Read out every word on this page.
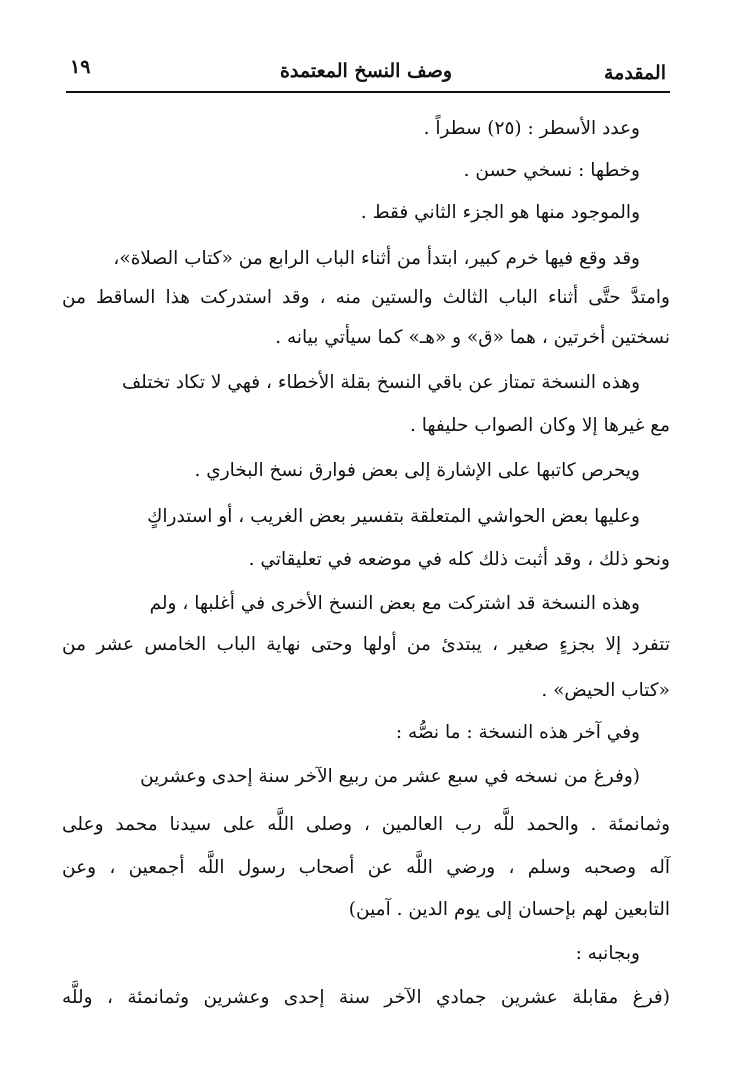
المقدمة
وصف النسخ المعتمدة
١٩
وعدد الأسطر : (٢٥) سطراً .
وخطها : نسخي حسن .
والموجود منها هو الجزء الثاني فقط .
وقد وقع فيها خرم كبير، ابتدأ من أثناء الباب الرابع من «كتاب الصلاة»،
وامتدَّ حتَّى أثناء الباب الثالث والستين منه ، وقد استدركت هذا الساقط من
نسختين أخرتين ، هما «ق» و «هـ» كما سيأتي بيانه .
وهذه النسخة تمتاز عن باقي النسخ بقلة الأخطاء ، فهي لا تكاد تختلف
مع غيرها إلا وكان الصواب حليفها .
ويحرص كاتبها على الإشارة إلى بعض فوارق نسخ البخاري .
وعليها بعض الحواشي المتعلقة بتفسير بعض الغريب ، أو استدراكٍ
ونحو ذلك ، وقد أثبت ذلك كله في موضعه في تعليقاتي .
وهذه النسخة قد اشتركت مع بعض النسخ الأخرى في أغلبها ، ولم
تتفرد إلا بجزءٍ صغير ، يبتدئ من أولها وحتى نهاية الباب الخامس عشر من
«كتاب الحيض» .
وفي آخر هذه النسخة : ما نصُّه :
(وفرغ من نسخه في سبع عشر من ربيع الآخر سنة إحدى وعشرين
وثمانمئة . والحمد للَّه رب العالمين ، وصلى اللَّه على سيدنا محمد وعلى
آله وصحبه وسلم ، ورضي اللَّه عن أصحاب رسول اللَّه أجمعين ، وعن
التابعين لهم بإحسان إلى يوم الدين . آمين)
وبجانبه :
(فرغ مقابلة عشرين جمادي الآخر سنة إحدى وعشرين وثمانمئة ، وللَّه
